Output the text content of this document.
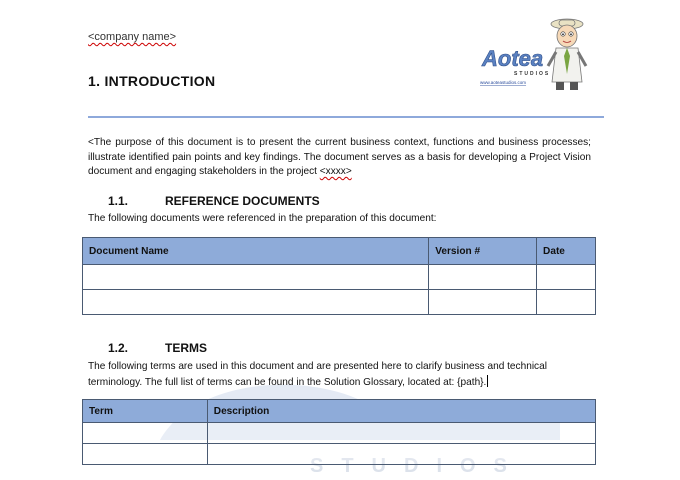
<company name>
Aotea
STUDIOS
www.aoteastudios.com
1. INTRODUCTION
<The purpose of this document is to present the current business context, functions and business processes; illustrate identified pain points and key findings. The document serves as a basis for developing a Project Vision document and engaging stakeholders in the project <xxxx>
1.1.	REFERENCE DOCUMENTS
The following documents were referenced in the preparation of this document:
Document Name	Version #	Date

STUDIOS
1.2.	TERMS
The following terms are used in this document and are presented here to clarify business and technical terminology. The full list of terms can be found in the Solution Glossary, located at: {path}.
Term	Description
